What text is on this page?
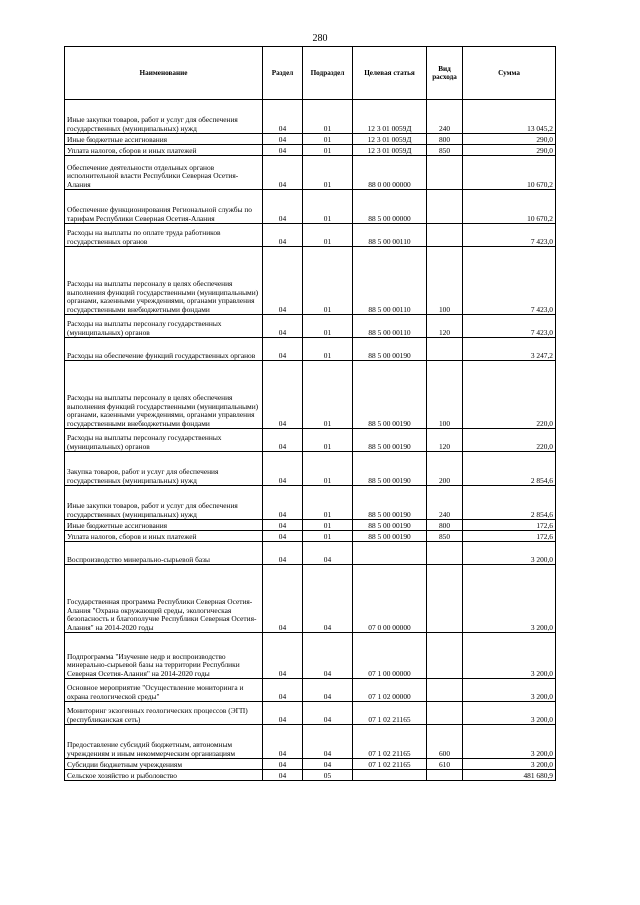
280
Наименование	Раздел	Подраздел	Целевая статья	Вид расхода	Сумма
Иные закупки товаров, работ и услуг для обеспечения государственных (муниципальных) нужд	04	01	12 3 01 0059Д	240	13 045,2
Иные бюджетные ассигнования	04	01	12 3 01 0059Д	800	290,0
Уплата налогов, сборов и иных платежей	04	01	12 3 01 0059Д	850	290,0
Обеспечение деятельности отдельных органов исполнительной власти Республики Северная Осетия-Алания	04	01	88 0 00 00000		10 670,2
Обеспечение функционирования Региональной службы по тарифам Республики Северная Осетия-Алания	04	01	88 5 00 00000		10 670,2
Расходы на выплаты по оплате труда работников государственных органов	04	01	88 5 00 00110		7 423,0
Расходы на выплаты персоналу в целях обеспечения выполнения функций государственными (муниципальными) органами, казенными учреждениями, органами управления государственными внебюджетными фондами	04	01	88 5 00 00110	100	7 423,0
Расходы на выплаты персоналу государственных (муниципальных) органов	04	01	88 5 00 00110	120	7 423,0
Расходы на обеспечение функций государственных органов	04	01	88 5 00 00190		3 247,2
Расходы на выплаты персоналу в целях обеспечения выполнения функций государственными (муниципальными) органами, казенными учреждениями, органами управления государственными внебюджетными фондами	04	01	88 5 00 00190	100	220,0
Расходы на выплаты персоналу государственных (муниципальных) органов	04	01	88 5 00 00190	120	220,0
Закупка товаров, работ и услуг для обеспечения государственных (муниципальных) нужд	04	01	88 5 00 00190	200	2 854,6
Иные закупки товаров, работ и услуг для обеспечения государственных (муниципальных) нужд	04	01	88 5 00 00190	240	2 854,6
Иные бюджетные ассигнования	04	01	88 5 00 00190	800	172,6
Уплата налогов, сборов и иных платежей	04	01	88 5 00 00190	850	172,6
Воспроизводство минерально-сырьевой базы	04	04			3 200,0
Государственная программа Республики Северная Осетия-Алания "Охрана окружающей среды, экологическая безопасность и благополучие Республики Северная Осетия-Алания" на 2014-2020 годы	04	04	07 0 00 00000		3 200,0
Подпрограмма "Изучение недр и воспроизводство минерально-сырьевой базы на территории Республики Северная Осетия-Алания" на 2014-2020 годы	04	04	07 1 00 00000		3 200,0
Основное мероприятие "Осуществление мониторинга и охрана геологической среды"	04	04	07 1 02 00000		3 200,0
Мониторинг экзогенных геологических процессов (ЭГП) (республиканская сеть)	04	04	07 1 02 21165		3 200,0
Предоставление субсидий бюджетным, автономным учреждениям и иным некоммерческим организациям	04	04	07 1 02 21165	600	3 200,0
Субсидии бюджетным учреждениям	04	04	07 1 02 21165	610	3 200,0
Сельское хозяйство и рыболовство	04	05			481 680,9
